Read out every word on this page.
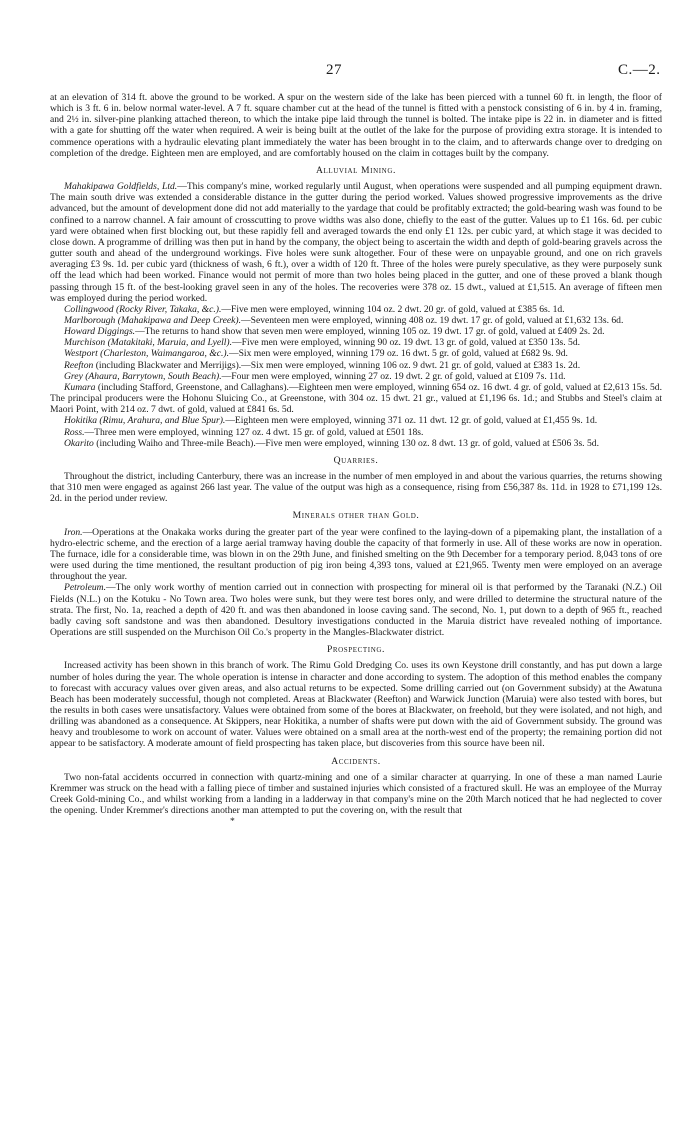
27	C.—2.

at an elevation of 314 ft. above the ground to be worked. A spur on the western side of the lake has been pierced with a tunnel 60 ft. in length, the floor of which is 3 ft. 6 in. below normal water-level. A 7 ft. square chamber cut at the head of the tunnel is fitted with a penstock consisting of 6 in. by 4 in. framing, and 2½ in. silver-pine planking attached thereon, to which the intake pipe laid through the tunnel is bolted. The intake pipe is 22 in. in diameter and is fitted with a gate for shutting off the water when required. A weir is being built at the outlet of the lake for the purpose of providing extra storage. It is intended to commence operations with a hydraulic elevating plant immediately the water has been brought in to the claim, and to afterwards change over to dredging on completion of the dredge. Eighteen men are employed, and are comfortably housed on the claim in cottages built by the company.

Alluvial Mining.

Mahakipawa Goldfields, Ltd.—This company's mine, worked regularly until August, when operations were suspended and all pumping equipment drawn. The main south drive was extended a considerable distance in the gutter during the period worked. Values showed progressive improvements as the drive advanced, but the amount of development done did not add materially to the yardage that could be profitably extracted; the gold-bearing wash was found to be confined to a narrow channel. A fair amount of crosscutting to prove widths was also done, chiefly to the east of the gutter. Values up to £1 16s. 6d. per cubic yard were obtained when first blocking out, but these rapidly fell and averaged towards the end only £1 12s. per cubic yard, at which stage it was decided to close down. A programme of drilling was then put in hand by the company, the object being to ascertain the width and depth of gold-bearing gravels across the gutter south and ahead of the underground workings. Five holes were sunk altogether. Four of these were on unpayable ground, and one on rich gravels averaging £3 9s. 1d. per cubic yard (thickness of wash, 6 ft.), over a width of 120 ft. Three of the holes were purely speculative, as they were purposely sunk off the lead which had been worked. Finance would not permit of more than two holes being placed in the gutter, and one of these proved a blank though passing through 15 ft. of the best-looking gravel seen in any of the holes. The recoveries were 378 oz. 15 dwt., valued at £1,515. An average of fifteen men was employed during the period worked.

Collingwood (Rocky River, Takaka, &c.).—Five men were employed, winning 104 oz. 2 dwt. 20 gr. of gold, valued at £385 6s. 1d.

Marlborough (Mahakipawa and Deep Creek).—Seventeen men were employed, winning 408 oz. 19 dwt. 17 gr. of gold, valued at £1,632 13s. 6d.

Howard Diggings.—The returns to hand show that seven men were employed, winning 105 oz. 19 dwt. 17 gr. of gold, valued at £409 2s. 2d.

Murchison (Matakitaki, Maruia, and Lyell).—Five men were employed, winning 90 oz. 19 dwt. 13 gr. of gold, valued at £350 13s. 5d.

Westport (Charleston, Waimangaroa, &c.).—Six men were employed, winning 179 oz. 16 dwt. 5 gr. of gold, valued at £682 9s. 9d.

Reefton (including Blackwater and Merrijigs).—Six men were employed, winning 106 oz. 9 dwt. 21 gr. of gold, valued at £383 1s. 2d.

Grey (Ahaura, Barrytown, South Beach).—Four men were employed, winning 27 oz. 19 dwt. 2 gr. of gold, valued at £109 7s. 11d.

Kumara (including Stafford, Greenstone, and Callaghans).—Eighteen men were employed, winning 654 oz. 16 dwt. 4 gr. of gold, valued at £2,613 15s. 5d. The principal producers were the Hohonu Sluicing Co., at Greenstone, with 304 oz. 15 dwt. 21 gr., valued at £1,196 6s. 1d.; and Stubbs and Steel's claim at Maori Point, with 214 oz. 7 dwt. of gold, valued at £841 6s. 5d.

Hokitika (Rimu, Arahura, and Blue Spur).—Eighteen men were employed, winning 371 oz. 11 dwt. 12 gr. of gold, valued at £1,455 9s. 1d.

Ross.—Three men were employed, winning 127 oz. 4 dwt. 15 gr. of gold, valued at £501 18s.

Okarito (including Waiho and Three-mile Beach).—Five men were employed, winning 130 oz. 8 dwt. 13 gr. of gold, valued at £506 3s. 5d.

Quarries.

Throughout the district, including Canterbury, there was an increase in the number of men employed in and about the various quarries, the returns showing that 310 men were engaged as against 266 last year. The value of the output was high as a consequence, rising from £56,387 8s. 11d. in 1928 to £71,199 12s. 2d. in the period under review.

Minerals other than Gold.

Iron.—Operations at the Onakaka works during the greater part of the year were confined to the laying-down of a pipemaking plant, the installation of a hydro-electric scheme, and the erection of a large aerial tramway having double the capacity of that formerly in use. All of these works are now in operation. The furnace, idle for a considerable time, was blown in on the 29th June, and finished smelting on the 9th December for a temporary period. 8,043 tons of ore were used during the time mentioned, the resultant production of pig iron being 4,393 tons, valued at £21,965. Twenty men were employed on an average throughout the year.

Petroleum.—The only work worthy of mention carried out in connection with prospecting for mineral oil is that performed by the Taranaki (N.Z.) Oil Fields (N.L.) on the Kotuku - No Town area. Two holes were sunk, but they were test bores only, and were drilled to determine the structural nature of the strata. The first, No. 1a, reached a depth of 420 ft. and was then abandoned in loose caving sand. The second, No. 1, put down to a depth of 965 ft., reached badly caving soft sandstone and was then abandoned. Desultory investigations conducted in the Maruia district have revealed nothing of importance. Operations are still suspended on the Murchison Oil Co.'s property in the Mangles-Blackwater district.

Prospecting.

Increased activity has been shown in this branch of work. The Rimu Gold Dredging Co. uses its own Keystone drill constantly, and has put down a large number of holes during the year. The whole operation is intense in character and done according to system. The adoption of this method enables the company to forecast with accuracy values over given areas, and also actual returns to be expected. Some drilling carried out (on Government subsidy) at the Awatuna Beach has been moderately successful, though not completed. Areas at Blackwater (Reefton) and Warwick Junction (Maruia) were also tested with bores, but the results in both cases were unsatisfactory. Values were obtained from some of the bores at Blackwater, on freehold, but they were isolated, and not high, and drilling was abandoned as a consequence. At Skippers, near Hokitika, a number of shafts were put down with the aid of Government subsidy. The ground was heavy and troublesome to work on account of water. Values were obtained on a small area at the north-west end of the property; the remaining portion did not appear to be satisfactory. A moderate amount of field prospecting has taken place, but discoveries from this source have been nil.

Accidents.

Two non-fatal accidents occurred in connection with quartz-mining and one of a similar character at quarrying. In one of these a man named Laurie Kremmer was struck on the head with a falling piece of timber and sustained injuries which consisted of a fractured skull. He was an employee of the Murray Creek Gold-mining Co., and whilst working from a landing in a ladderway in that company's mine on the 20th March noticed that he had neglected to cover the opening. Under Kremmer's directions another man attempted to put the covering on, with the result that

*
